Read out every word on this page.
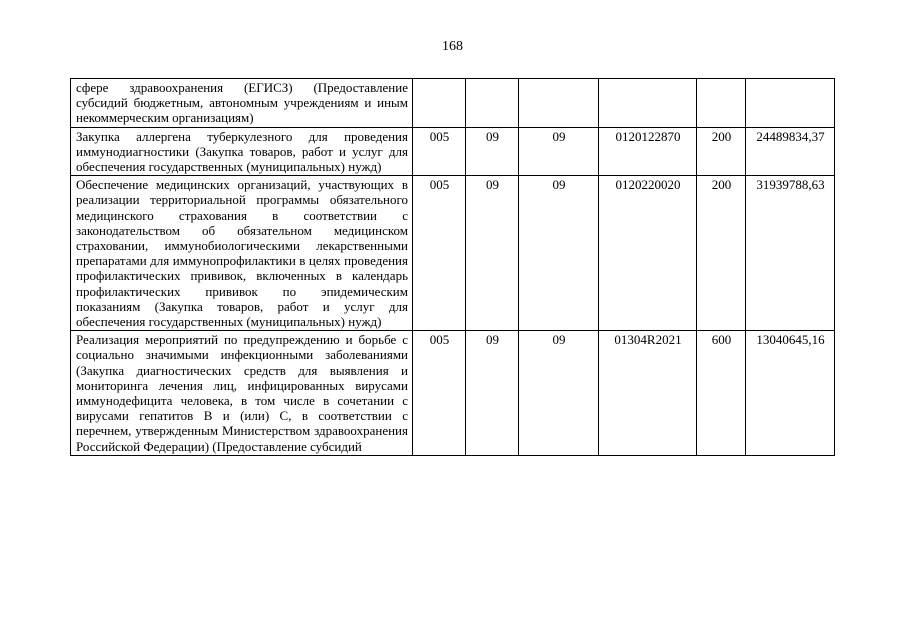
168
сфере здравоохранения (ЕГИСЗ) (Предоставление субсидий бюджетным, автономным учреждениям и иным некоммерческим организациям)						
Закупка аллергена туберкулезного для проведения иммунодиагностики (Закупка товаров, работ и услуг для обеспечения государственных (муниципальных) нужд)	005	09	09	0120122870	200	24489834,37
Обеспечение медицинских организаций, участвующих в реализации территориальной программы обязательного медицинского страхования в соответствии с законодательством об обязательном медицинском страховании, иммунобиологическими лекарственными препаратами для иммунопрофилактики в целях проведения профилактических прививок, включенных в календарь профилактических прививок по эпидемическим показаниям (Закупка товаров, работ и услуг для обеспечения государственных (муниципальных) нужд)	005	09	09	0120220020	200	31939788,63
Реализация мероприятий по предупреждению и борьбе с социально значимыми инфекционными заболеваниями (Закупка диагностических средств для выявления и мониторинга лечения лиц, инфицированных вирусами иммунодефицита человека, в том числе в сочетании с вирусами гепатитов B и (или) C, в соответствии с перечнем, утвержденным Министерством здравоохранения Российской Федерации) (Предоставление субсидий	005	09	09	01304R2021	600	13040645,16
